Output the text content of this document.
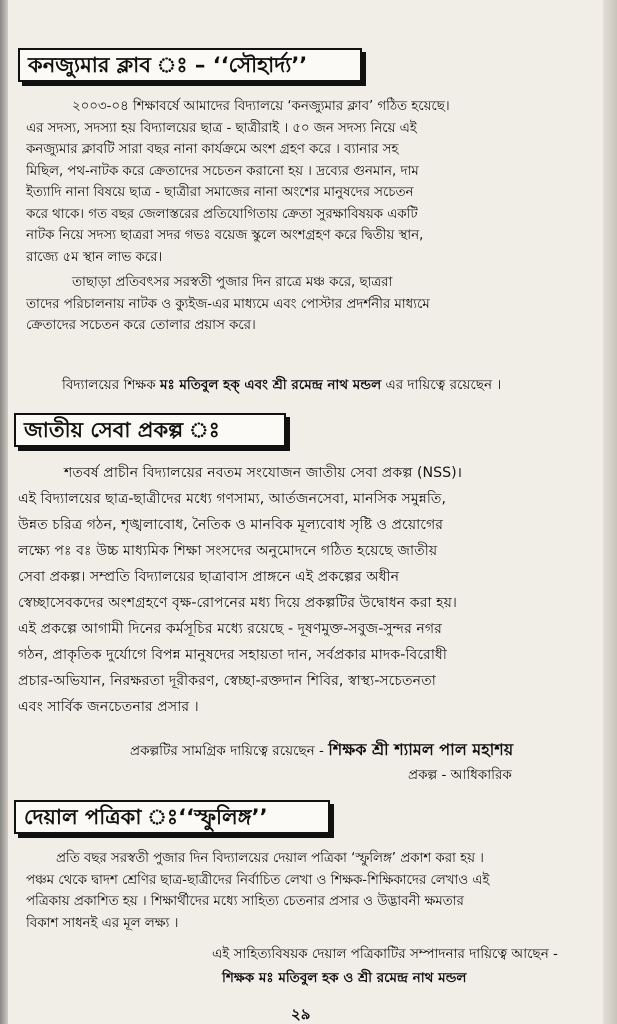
কনজ্যুমার ক্লাব ঃ – ‘‘সৌহার্দ্য’’
২০০৩-০৪ শিক্ষাবর্ষে আমাদের বিদ্যালয়ে ‘কনজ্যুমার ক্লাব’ গঠিত হয়েছে।
এর সদস্য, সদস্যা হয় বিদ্যালয়ের ছাত্র - ছাত্রীরাই । ৫০ জন সদস্য নিয়ে এই
কনজ্যুমার ক্লাবটি সারা বছর নানা কার্যক্রমে অংশ গ্রহণ করে । ব্যানার সহ
মিছিল, পথ-নাটক করে ক্রেতাদের সচেতন করানো হয় । দ্রব্যের গুনমান, দাম
ইত্যাদি নানা বিষয়ে ছাত্র - ছাত্রীরা সমাজের নানা অংশের মানুষদের সচেতন
করে থাকে। গত বছর জেলাস্তরের প্রতিযোগিতায় ক্রেতা সুরক্ষাবিষয়ক একটি
নাটক নিয়ে সদস্য ছাত্ররা সদর গভঃ বয়েজ স্কুলে অংশগ্রহণ করে দ্বিতীয় স্থান,
রাজ্যে ৫ম স্থান লাভ করে।
তাছাড়া প্রতিবৎসর সরস্বতী পুজার দিন রাত্রে মঞ্চ করে, ছাত্ররা
তাদের পরিচালনায় নাটক ও ক্যুইজ-এর মাধ্যমে এবং পোস্টার প্রদর্শনীর মাধ্যমে
ক্রেতাদের সচেতন করে তোলার প্রয়াস করে।
বিদ্যালয়ের শিক্ষক মঃ মতিবুল হক্ এবং শ্রী রমেন্দ্র নাথ মন্ডল এর দায়িত্বে রয়েছেন ।
জাতীয় সেবা প্রকল্প ঃ
শতবর্ষ প্রাচীন বিদ্যালয়ের নবতম সংযোজন জাতীয় সেবা প্রকল্প (NSS)।
এই বিদ্যালয়ের ছাত্র-ছাত্রীদের মধ্যে গণসাম্য, আর্তজনসেবা, মানসিক সমুন্নতি,
উন্নত চরিত্র গঠন, শৃঙ্খলাবোধ, নৈতিক ও মানবিক মূল্যবোধ সৃষ্টি ও প্রয়োগের
লক্ষ্যে পঃ বঃ উচ্চ মাধ্যমিক শিক্ষা সংসদের অনুমোদনে গঠিত হয়েছে জাতীয়
সেবা প্রকল্প। সম্প্রতি বিদ্যালয়ের ছাত্রাবাস প্রাঙ্গনে এই প্রকল্পের অধীন
স্বেচ্ছাসেবকদের অংশগ্রহণে বৃক্ষ-রোপনের মধ্য দিয়ে প্রকল্পটির উদ্বোধন করা হয়।
এই প্রকল্পে আগামী দিনের কর্মসূচির মধ্যে রয়েছে - দূষণমুক্ত-সবুজ-সুন্দর নগর
গঠন, প্রাকৃতিক দুর্যোগে বিপন্ন মানুষদের সহায়তা দান, সর্বপ্রকার মাদক-বিরোধী
প্রচার-অভিযান, নিরক্ষরতা দূরীকরণ, স্বেচ্ছা-রক্তদান শিবির, স্বাস্থ্য-সচেতনতা
এবং সার্বিক জনচেতনার প্রসার ।
প্রকল্পটির সামগ্রিক দায়িত্বে রয়েছেন - শিক্ষক শ্রী শ্যামল পাল মহাশয়
প্রকল্প - আধিকারিক
দেয়াল পত্রিকা ঃ‘‘স্ফুলিঙ্গ’’
প্রতি বছর সরস্বতী পুজার দিন বিদ্যালয়ের দেয়াল পত্রিকা ‘স্ফুলিঙ্গ’ প্রকাশ করা হয় ।
পঞ্চম থেকে দ্বাদশ শ্রেণির ছাত্র-ছাত্রীদের নির্বাচিত লেখা ও শিক্ষক-শিক্ষিকাদের লেখাও এই
পত্রিকায় প্রকাশিত হয় । শিক্ষার্থীদের মধ্যে সাহিত্য চেতনার প্রসার ও উদ্ভাবনী ক্ষমতার
বিকাশ সাধনই এর মূল লক্ষ্য ।
এই সাহিত্যবিষয়ক দেয়াল পত্রিকাটির সম্পাদনার দায়িত্বে আছেন -
শিক্ষক মঃ মতিবুল হক ও শ্রী রমেন্দ্র নাথ মন্ডল
২৯
